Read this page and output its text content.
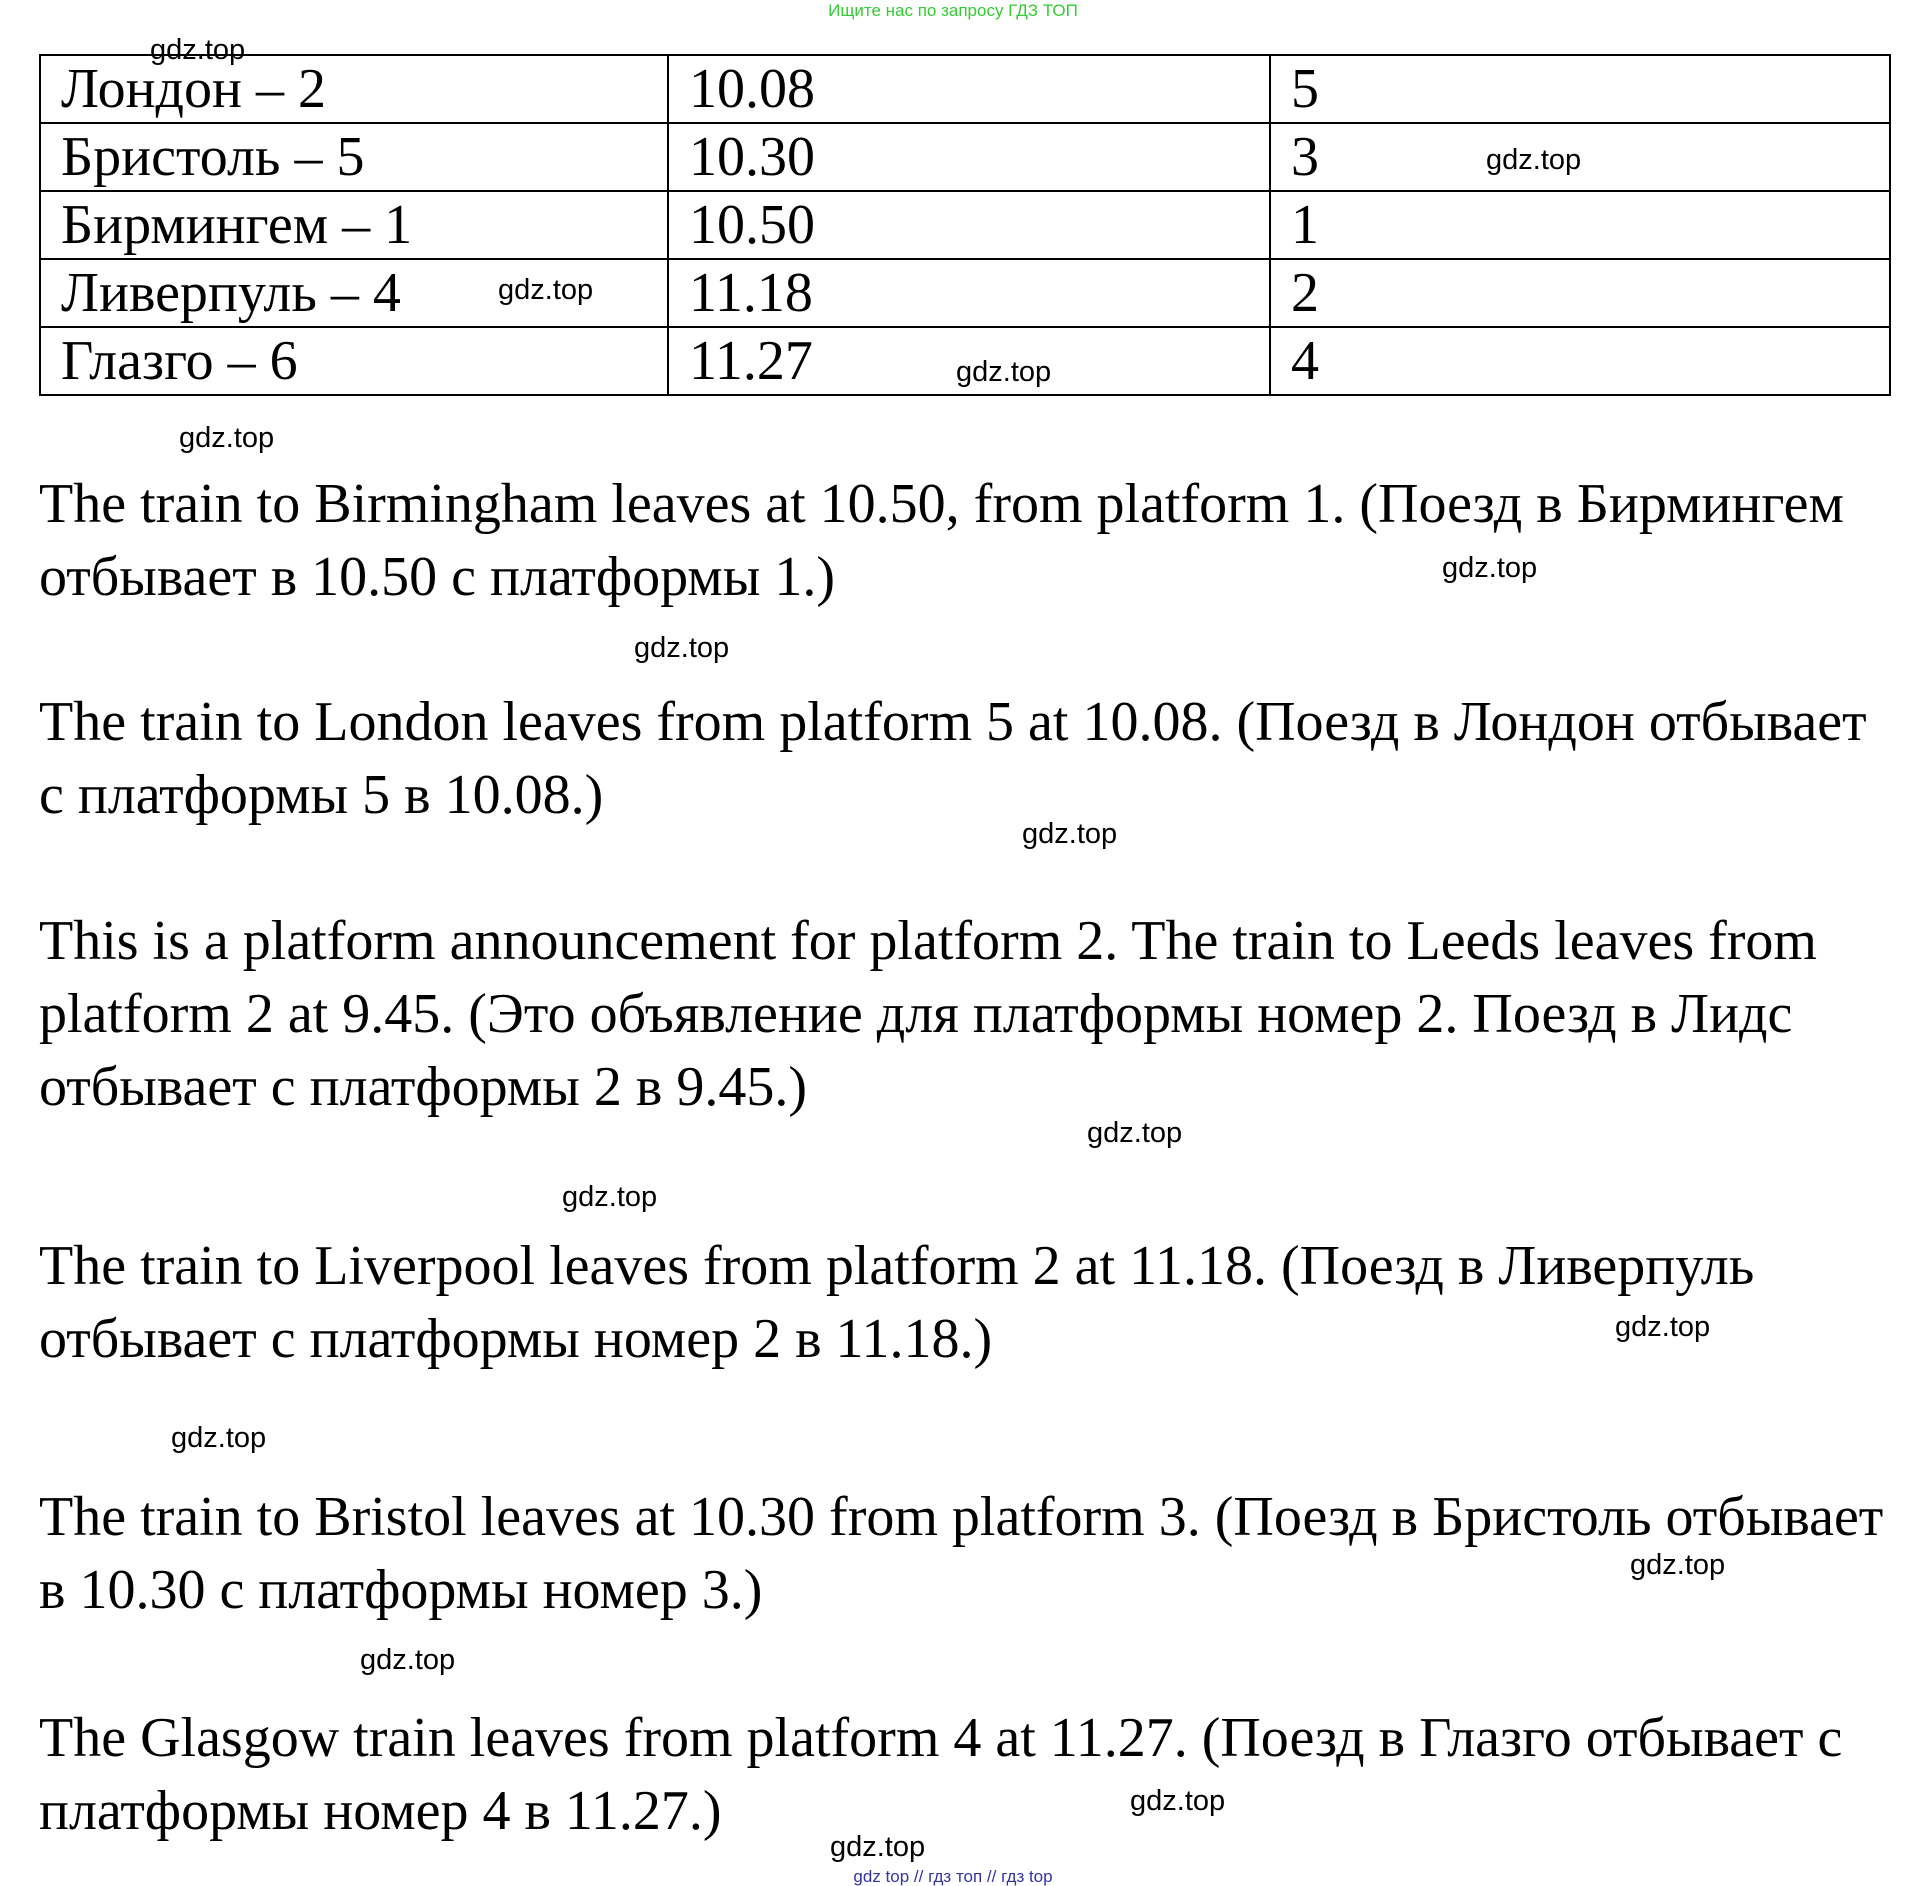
Ищите нас по запросу ГДЗ ТОП
Лондон – 2	10.08	5
Бристоль – 5	10.30	3
Бирмингем – 1	10.50	1
Ливерпуль – 4	11.18	2
Глазго – 6	11.27	4

The train to Birmingham leaves at 10.50, from platform 1. (Поезд в Бирмингем отбывает в 10.50 с платформы 1.)

The train to London leaves from platform 5 at 10.08. (Поезд в Лондон отбывает с платформы 5 в 10.08.)

This is a platform announcement for platform 2. The train to Leeds leaves from platform 2 at 9.45. (Это объявление для платформы номер 2. Поезд в Лидс отбывает с платформы 2 в 9.45.)

The train to Liverpool leaves from platform 2 at 11.18. (Поезд в Ливерпуль отбывает с платформы номер 2 в 11.18.)

The train to Bristol leaves at 10.30 from platform 3. (Поезд в Бристоль отбывает в 10.30 с платформы номер 3.)

The Glasgow train leaves from platform 4 at 11.27. (Поезд в Глазго отбывает с платформы номер 4 в 11.27.)

gdz.top
gdz.top
gdz.top
gdz.top
gdz.top
gdz.top
gdz.top
gdz.top
gdz.top
gdz.top
gdz.top
gdz.top
gdz.top
gdz.top
gdz.top
gdz.top
gdz top // гдз топ // гдз top
